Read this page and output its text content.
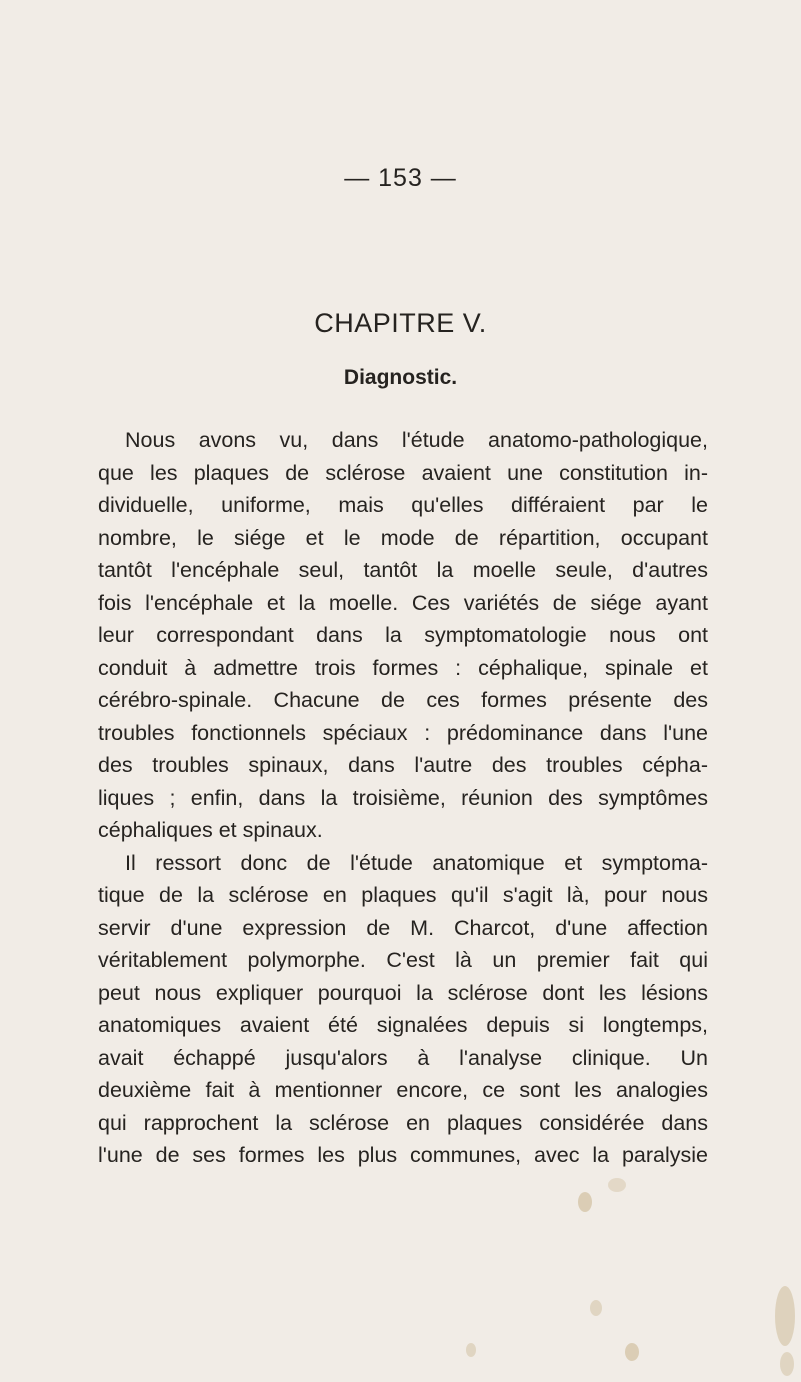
— 153 —
CHAPITRE V.
Diagnostic.
Nous avons vu, dans l'étude anatomo-pathologique,
que les plaques de sclérose avaient une constitution in-
dividuelle, uniforme, mais qu'elles différaient par le
nombre, le siége et le mode de répartition, occupant
tantôt l'encéphale seul, tantôt la moelle seule, d'autres
fois l'encéphale et la moelle. Ces variétés de siége ayant
leur correspondant dans la symptomatologie nous ont
conduit à admettre trois formes : céphalique, spinale et
cérébro-spinale. Chacune de ces formes présente des
troubles fonctionnels spéciaux : prédominance dans l'une
des troubles spinaux, dans l'autre des troubles cépha-
liques ; enfin, dans la troisième, réunion des symptômes
céphaliques et spinaux.
Il ressort donc de l'étude anatomique et symptoma-
tique de la sclérose en plaques qu'il s'agit là, pour nous
servir d'une expression de M. Charcot, d'une affection
véritablement polymorphe. C'est là un premier fait qui
peut nous expliquer pourquoi la sclérose dont les lésions
anatomiques avaient été signalées depuis si longtemps,
avait échappé jusqu'alors à l'analyse clinique. Un
deuxième fait à mentionner encore, ce sont les analogies
qui rapprochent la sclérose en plaques considérée dans
l'une de ses formes les plus communes, avec la paralysie
